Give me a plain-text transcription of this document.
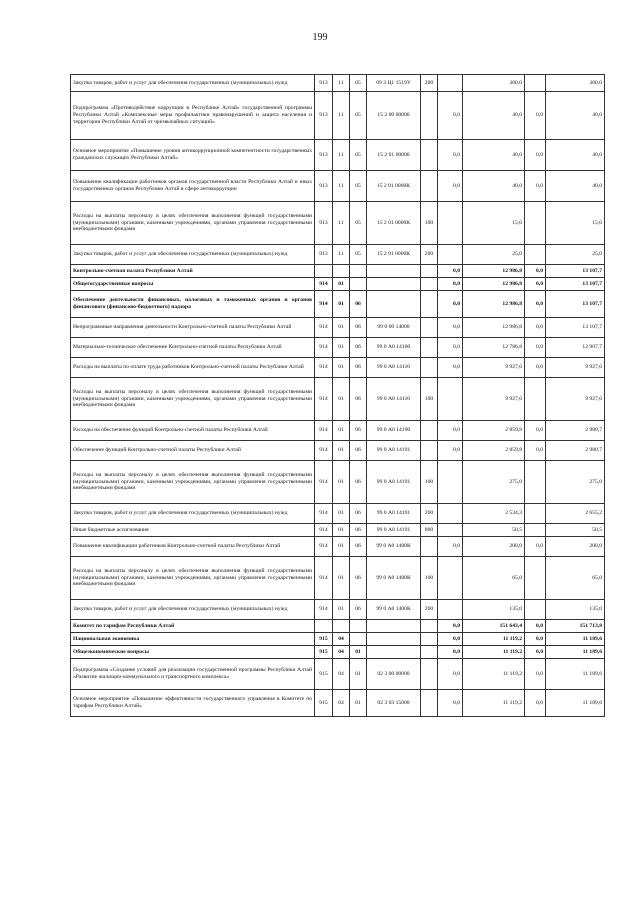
199
Закупка товаров, работ и услуг для обеспечения государственных (муниципальных) нужд	913	11	05	09 3 Ц1 1519У	200		300,0		300,0
Подпрограмма «Противодействие коррупции в Республике Алтай» государственной программы Республики Алтай «Комплексные меры профилактики правонарушений и защита населения и территории Республики Алтай от чрезвычайных ситуаций»	913	11	05	15 2 00 00000		0,0	40,0	0,0	40,0
Основное мероприятие «Повышение уровня антикоррупционной компетентности государственных гражданских служащих Республики Алтай»	913	11	05	15 2 01 00000		0,0	40,0	0,0	40,0
Повышение квалификации работников органов государственной власти Республики Алтай и иных государственных органов Республики Алтай в сфере антикоррупции	913	11	05	15 2 01 0000К		0,0	40,0	0,0	40,0
Расходы на выплаты персоналу в целях обеспечения выполнения функций государственными (муниципальными) органами, казенными учреждениями, органами управления государственными внебюджетными фондами	913	11	05	15 2 01 0000К	100		15,0		15,0
Закупка товаров, работ и услуг для обеспечения государственных (муниципальных) нужд	913	11	05	15 2 01 0000К	200		25,0		25,0
Контрольно-счетная палата Республики Алтай						0,0	12 986,8	0,0	13 107,7
Общегосударственные вопросы	914	01				0,0	12 986,8	0,0	13 107,7
Обеспечение деятельности финансовых, налоговых и таможенных органов и органов финансового (финансово-бюджетного) надзора	914	01	06			0,0	12 986,8	0,0	13 107,7
Непрограммные направления деятельности Контрольно-счетной палаты Республики Алтай	914	01	06	99 0 00 14000		0,0	12 986,8	0,0	13 107,7
Материально-техническое обеспечение Контрольно-счетной палаты Республики Алтай	914	01	06	99 0 А0 14100		0,0	12 786,8	0,0	12 907,7
Расходы на выплаты по оплате труда работников Контрольно-счетной палаты Республики Алтай	914	01	06	99 0 А0 14110		0,0	9 927,0	0,0	9 927,0
Расходы на выплаты персоналу в целях обеспечения выполнения функций государственными (муниципальными) органами, казенными учреждениями, органами управления государственными внебюджетными фондами	914	01	06	99 0 А0 14110	100		9 927,0		9 927,0
Расходы на обеспечение функций Контрольно-счетной палаты Республики Алтай	914	01	06	99 0 А0 14190		0,0	2 859,8	0,0	2 980,7
Обеспечение функций Контрольно-счетной палаты Республики Алтай	914	01	06	99 0 А0 14191		0,0	2 859,8	0,0	2 980,7
Расходы на выплаты персоналу в целях обеспечения выполнения функций государственными (муниципальными) органами, казенными учреждениями, органами управления государственными внебюджетными фондами	914	01	06	99 0 А0 14191	100		275,0		275,0
Закупка товаров, работ и услуг для обеспечения государственных (муниципальных) нужд	914	01	06	99 0 А0 14191	200		2 534,3		2 655,2
Иные бюджетные ассигнования	914	01	06	99 0 А0 14191	800		50,5		50,5
Повышение квалификации работников Контрольно-счетной палаты Республики Алтай	914	01	06	99 0 А0 1400К		0,0	200,0	0,0	200,0
Расходы на выплаты персоналу в целях обеспечения выполнения функций государственными (муниципальными) органами, казенными учреждениями, органами управления государственными внебюджетными фондами	914	01	06	99 0 А0 1400К	100		65,0		65,0
Закупка товаров, работ и услуг для обеспечения государственных (муниципальных) нужд	914	01	06	99 0 А0 1400К	200		135,0		135,0
Комитет по тарифам Республики Алтай						0,0	151 643,4	0,0	151 713,8
Национальная экономика	915	04				0,0	11 119,2	0,0	11 189,6
Общеэкономические вопросы	915	04	01			0,0	11 119,2	0,0	11 189,6
Подпрограмма «Создание условий для реализации государственной программы Республики Алтай «Развитие жилищно-коммунального и транспортного комплекса»	915	04	01	02 3 00 00000		0,0	11 119,2	0,0	11 189,6
Основное мероприятие «Повышение эффективности государственного управления в Комитете по тарифам Республики Алтай»	915	04	01	02 3 03 15000		0,0	11 119,2	0,0	11 189,6
